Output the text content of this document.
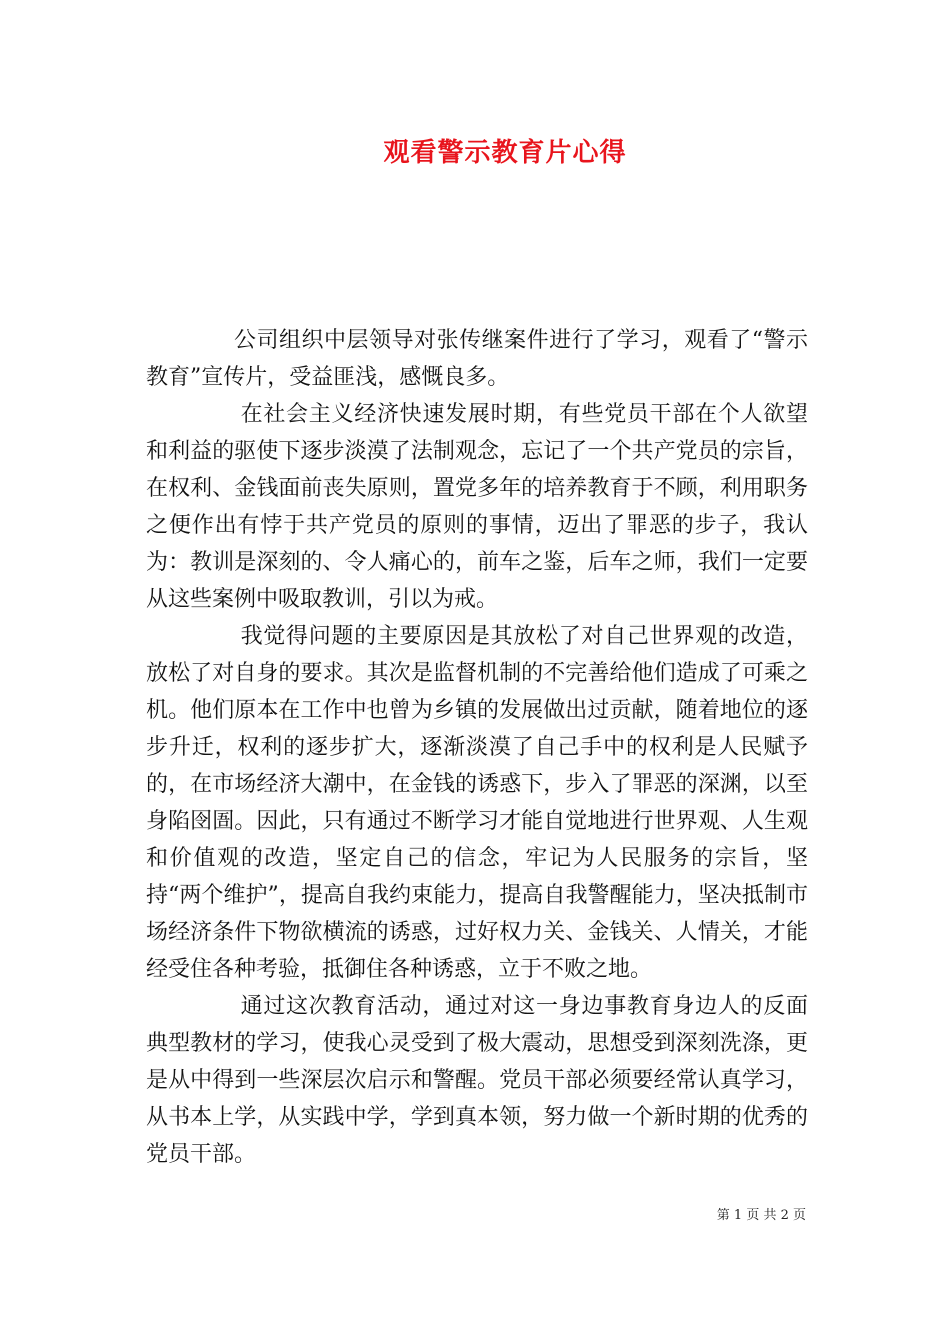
观看警示教育片心得

公司组织中层领导对张传继案件进行了学习，观看了“警示教育”宣传片，受益匪浅，感慨良多。

在社会主义经济快速发展时期，有些党员干部在个人欲望和利益的驱使下逐步淡漠了法制观念，忘记了一个共产党员的宗旨，在权利、金钱面前丧失原则，置党多年的培养教育于不顾，利用职务之便作出有悖于共产党员的原则的事情，迈出了罪恶的步子，我认为：教训是深刻的、令人痛心的，前车之鉴，后车之师，我们一定要从这些案例中吸取教训，引以为戒。

我觉得问题的主要原因是其放松了对自己世界观的改造，放松了对自身的要求。其次是监督机制的不完善给他们造成了可乘之机。他们原本在工作中也曾为乡镇的发展做出过贡献，随着地位的逐步升迁，权利的逐步扩大，逐渐淡漠了自己手中的权利是人民赋予的，在市场经济大潮中，在金钱的诱惑下，步入了罪恶的深渊，以至身陷囹圄。因此，只有通过不断学习才能自觉地进行世界观、人生观和价值观的改造，坚定自己的信念，牢记为人民服务的宗旨，坚持“两个维护”，提高自我约束能力，提高自我警醒能力，坚决抵制市场经济条件下物欲横流的诱惑，过好权力关、金钱关、人情关，才能经受住各种考验，抵御住各种诱惑，立于不败之地。

通过这次教育活动，通过对这一身边事教育身边人的反面典型教材的学习，使我心灵受到了极大震动，思想受到深刻洗涤，更是从中得到一些深层次启示和警醒。党员干部必须要经常认真学习，从书本上学，从实践中学，学到真本领，努力做一个新时期的优秀的党员干部。

第 1 页 共 2 页
